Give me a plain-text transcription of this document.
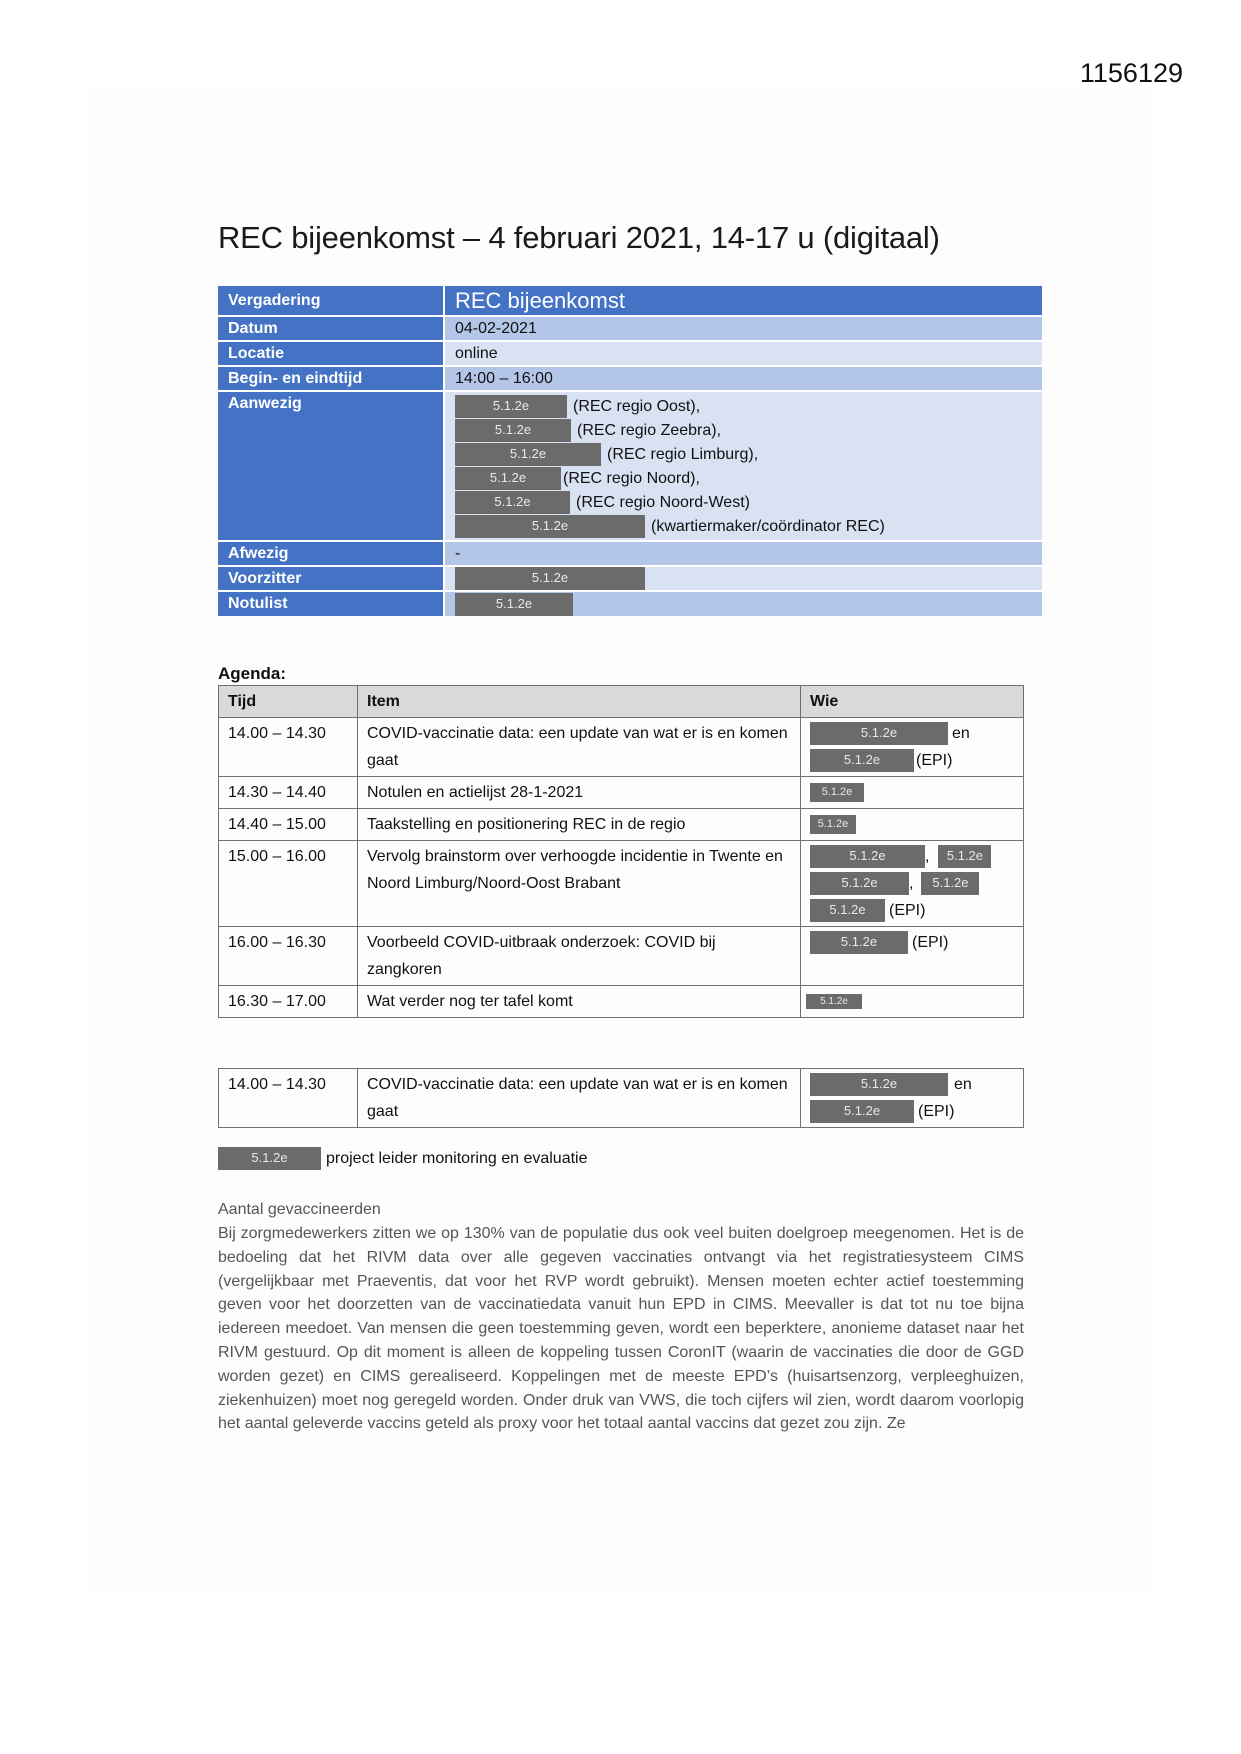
1156129
REC bijeenkomst – 4 februari 2021, 14-17 u (digitaal)
Vergadering	REC bijeenkomst
Datum	04-02-2021
Locatie	online
Begin- en eindtijd	14:00 – 16:00
Aanwezig	5.1.2e	(REC regio Oost),
5.1.2e	(REC regio Zeebra),
5.1.2e	(REC regio Limburg),
5.1.2e	(REC regio Noord),
5.1.2e	(REC regio Noord-West)
5.1.2e	(kwartiermaker/coördinator REC)
Afwezig	-
Voorzitter	5.1.2e
Notulist	5.1.2e
Agenda:
Tijd	Item	Wie
14.00 – 14.30	COVID-vaccinatie data: een update van wat er is en komen gaat	5.1.2e en
5.1.2e (EPI)

14.30 – 14.40	Notulen en actielijst 28-1-2021	5.1.2e

14.40 – 15.00	Taakstelling en positionering REC in de regio	5.1.2e

15.00 – 16.00	Vervolg brainstorm over verhoogde incidentie in Twente en Noord Limburg/Noord-Oost Brabant	
5.1.2e	,	5.1.2e
5.1.2e	,	5.1.2e
5.1.2e	(EPI)

16.00 – 16.30	Voorbeeld COVID-uitbraak onderzoek: COVID bij zangkoren	5.1.2e (EPI)

16.30 – 17.00	Wat verder nog ter tafel komt	5.1.2e
14.00 – 14.30	COVID-vaccinatie data: een update van wat er is en komen gaat	
5.1.2e	en
5.1.2e	(EPI)
5.1.2e	project leider monitoring en evaluatie
Aantal gevaccineerden

Bij zorgmedewerkers zitten we op 130% van de populatie dus ook veel buiten doelgroep meegenomen. Het is de bedoeling dat het RIVM data over alle gegeven vaccinaties ontvangt via het registratiesysteem CIMS (vergelijkbaar met Praeventis, dat voor het RVP wordt gebruikt). Mensen moeten echter actief toestemming geven voor het doorzetten van de vaccinatiedata vanuit hun EPD in CIMS. Meevaller is dat tot nu toe bijna iedereen meedoet. Van mensen die geen toestemming geven, wordt een beperktere, anonieme dataset naar het RIVM gestuurd. Op dit moment is alleen de koppeling tussen CoronIT (waarin de vaccinaties die door de GGD worden gezet) en CIMS gerealiseerd. Koppelingen met de meeste EPD’s (huisartsenzorg, verpleeghuizen, ziekenhuizen) moet nog geregeld worden. Onder druk van VWS, die toch cijfers wil zien, wordt daarom voorlopig het aantal geleverde vaccins geteld als proxy voor het totaal aantal vaccins dat gezet zou zijn. Ze
